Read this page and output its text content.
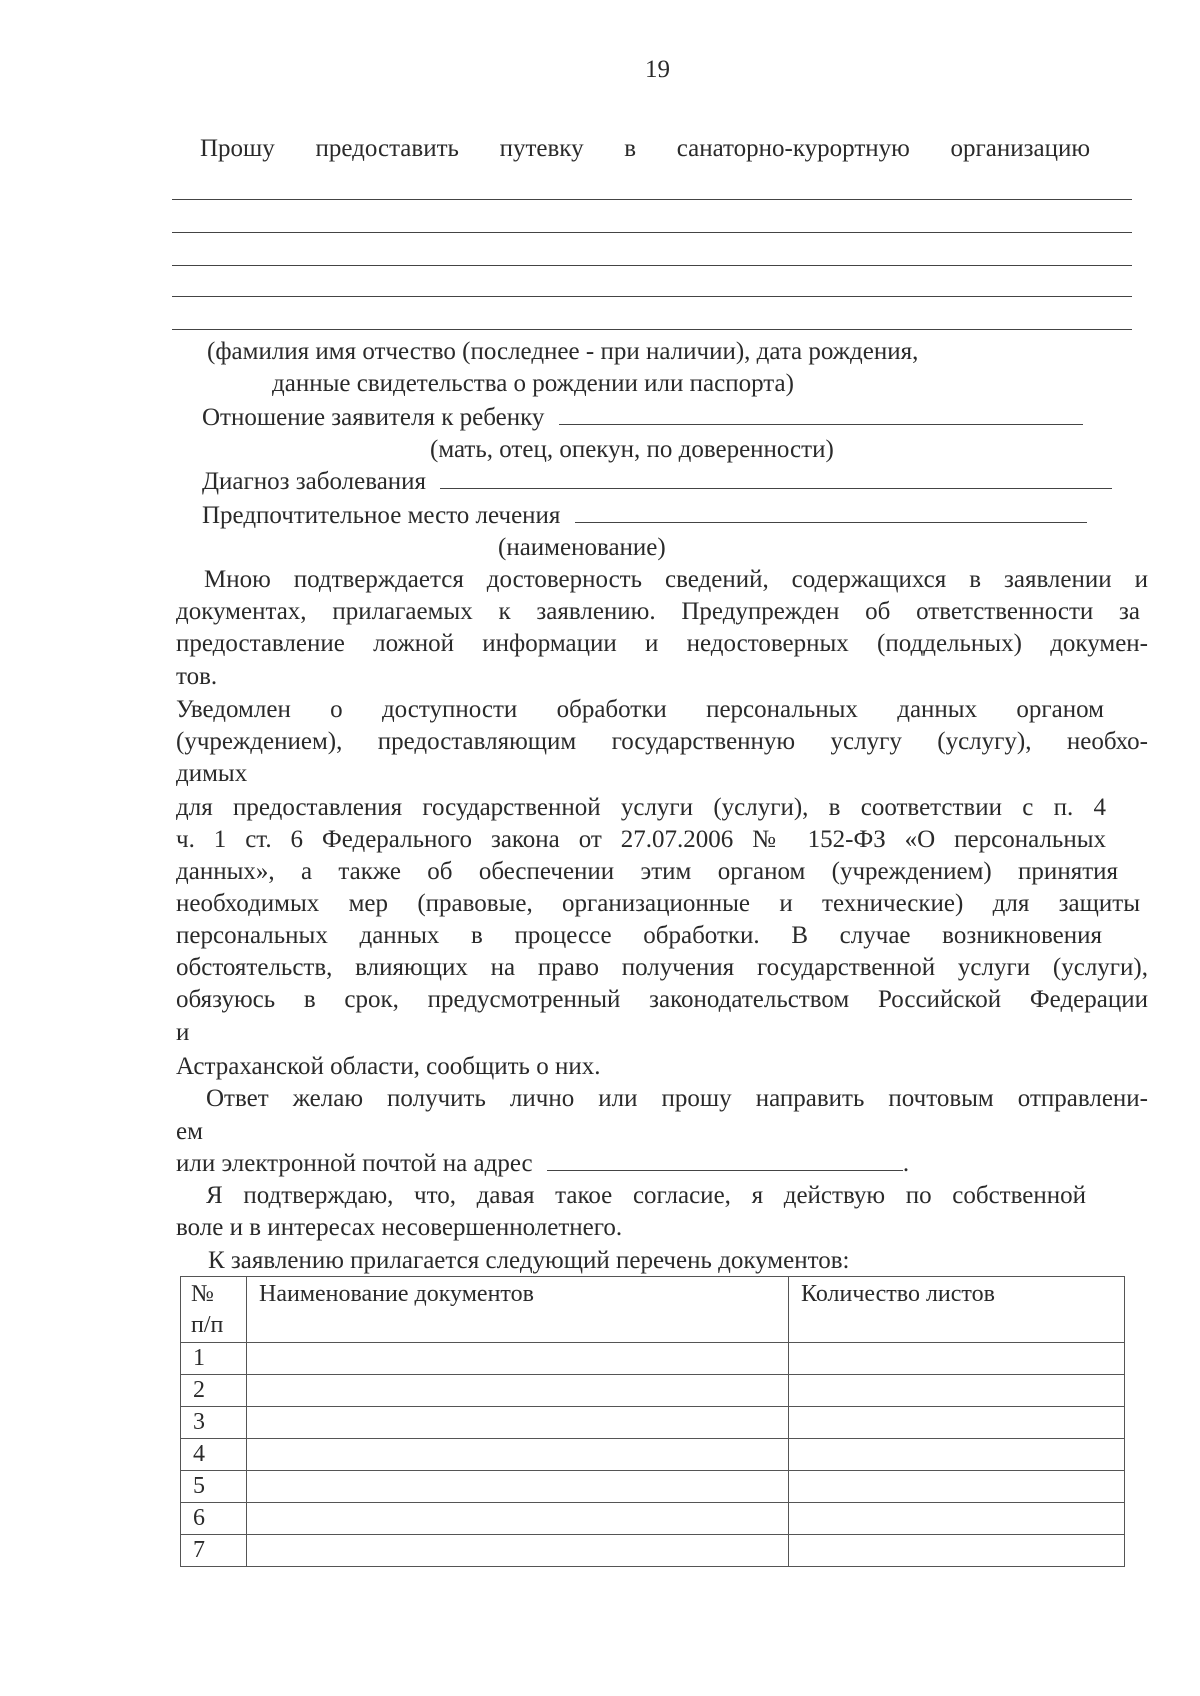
19
Прошу предоставить путевку в санаторно-курортную организацию
(фамилия имя отчество (последнее - при наличии), дата рождения,
данные свидетельства о рождении или паспорта)
Отношение заявителя к ребенку
(мать, отец, опекун, по доверенности)
Диагноз заболевания
Предпочтительное место лечения
(наименование)
Мною подтверждается достоверность сведений, содержащихся в заявлении и
документах, прилагаемых к заявлению. Предупрежден об ответственности за
предоставление ложной информации и недостоверных (поддельных) докумен-
тов.
Уведомлен о доступности обработки персональных данных органом
(учреждением), предоставляющим государственную услугу (услугу), необхо-
димых
для предоставления государственной услуги (услуги), в соответствии с п. 4
ч. 1 ст. 6 Федерального закона от 27.07.2006 № 152-ФЗ «О персональных
данных», а также об обеспечении этим органом (учреждением) принятия
необходимых мер (правовые, организационные и технические) для защиты
персональных данных в процессе обработки. В случае возникновения
обстоятельств, влияющих на право получения государственной услуги (услуги),
обязуюсь в срок, предусмотренный законодательством Российской Федерации
и
Астраханской области, сообщить о них.
Ответ желаю получить лично или прошу направить почтовым отправлени-
ем
или электронной почтой на адрес	.
Я подтверждаю, что, давая такое согласие, я действую по собственной
воле и в интересах несовершеннолетнего.
К заявлению прилагается следующий перечень документов:
№
п/п	Наименование документов	Количество листов
1		
2		
3		
4		
5		
6		
7		
